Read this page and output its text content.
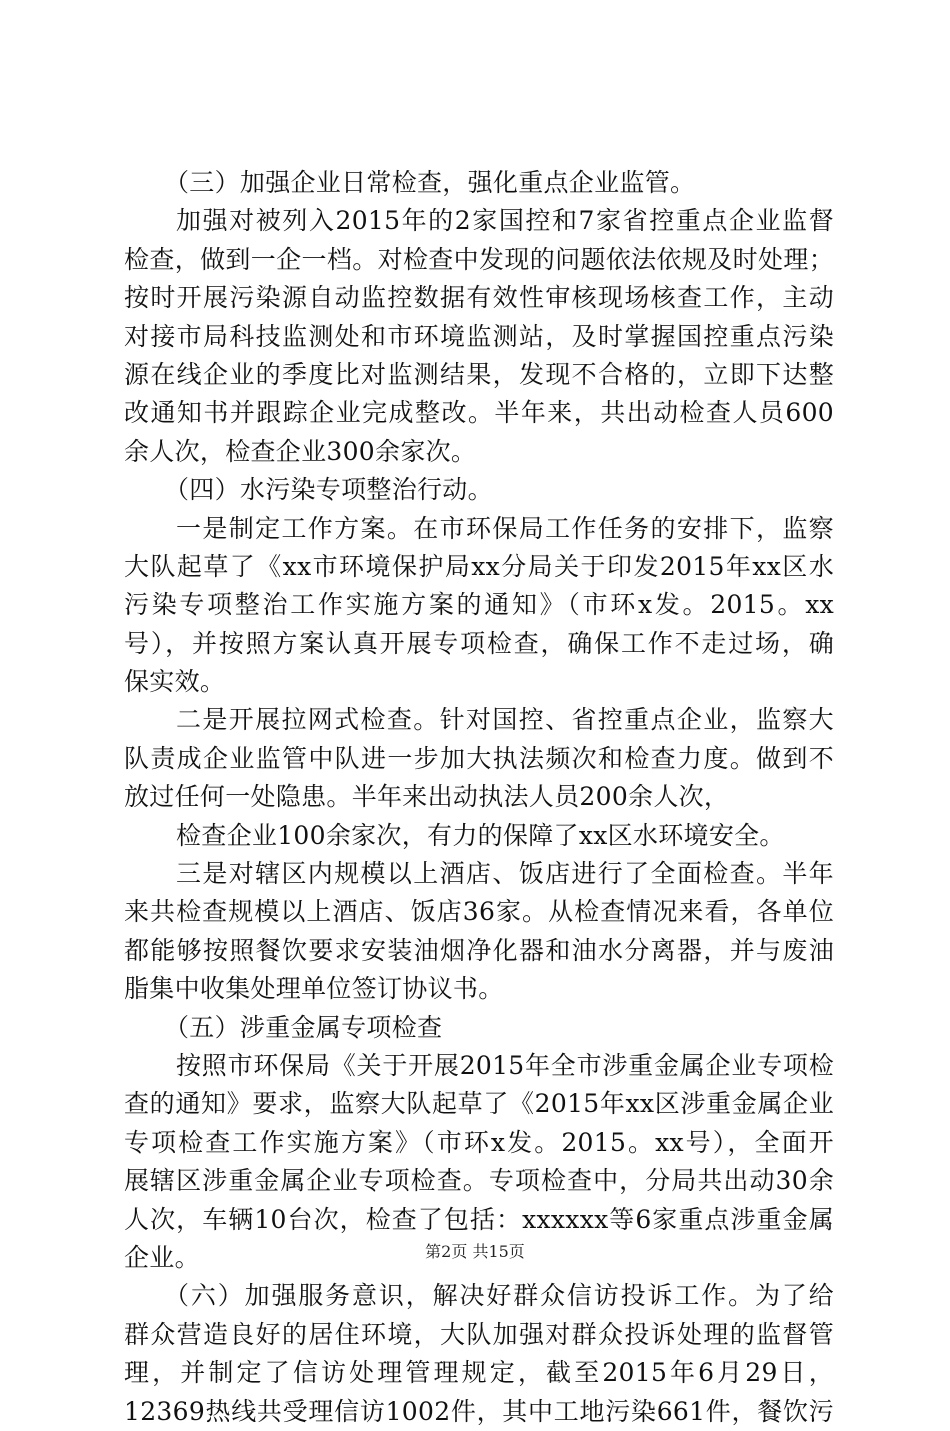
（三）加强企业日常检查，强化重点企业监管。
加强对被列入2015年的2家国控和7家省控重点企业监督
检查，做到一企一档。对检查中发现的问题依法依规及时处理；
按时开展污染源自动监控数据有效性审核现场核查工作，主动
对接市局科技监测处和市环境监测站，及时掌握国控重点污染
源在线企业的季度比对监测结果，发现不合格的，立即下达整
改通知书并跟踪企业完成整改。半年来，共出动检查人员600
余人次，检查企业300余家次。
（四）水污染专项整治行动。
一是制定工作方案。在市环保局工作任务的安排下，监察
大队起草了《xx市环境保护局xx分局关于印发2015年xx区水
污染专项整治工作实施方案的通知》（市环x发。2015。xx
号），并按照方案认真开展专项检查，确保工作不走过场，确
保实效。
二是开展拉网式检查。针对国控、省控重点企业，监察大
队责成企业监管中队进一步加大执法频次和检查力度。做到不
放过任何一处隐患。半年来出动执法人员200余人次，
检查企业100余家次，有力的保障了xx区水环境安全。
三是对辖区内规模以上酒店、饭店进行了全面检查。半年
来共检查规模以上酒店、饭店36家。从检查情况来看，各单位
都能够按照餐饮要求安装油烟净化器和油水分离器，并与废油
脂集中收集处理单位签订协议书。
（五）涉重金属专项检查
按照市环保局《关于开展2015年全市涉重金属企业专项检
查的通知》要求，监察大队起草了《2015年xx区涉重金属企业
专项检查工作实施方案》（市环x发。2015。xx号），全面开
展辖区涉重金属企业专项检查。专项检查中，分局共出动30余
人次，车辆10台次，检查了包括：xxxxxx等6家重点涉重金属
企业。
（六）加强服务意识，解决好群众信访投诉工作。为了给
群众营造良好的居住环境，大队加强对群众投诉处理的监督管
理，并制定了信访处理管理规定，截至2015年6月29日，
12369热线共受理信访1002件，其中工地污染661件，餐饮污
第2页 共15页
